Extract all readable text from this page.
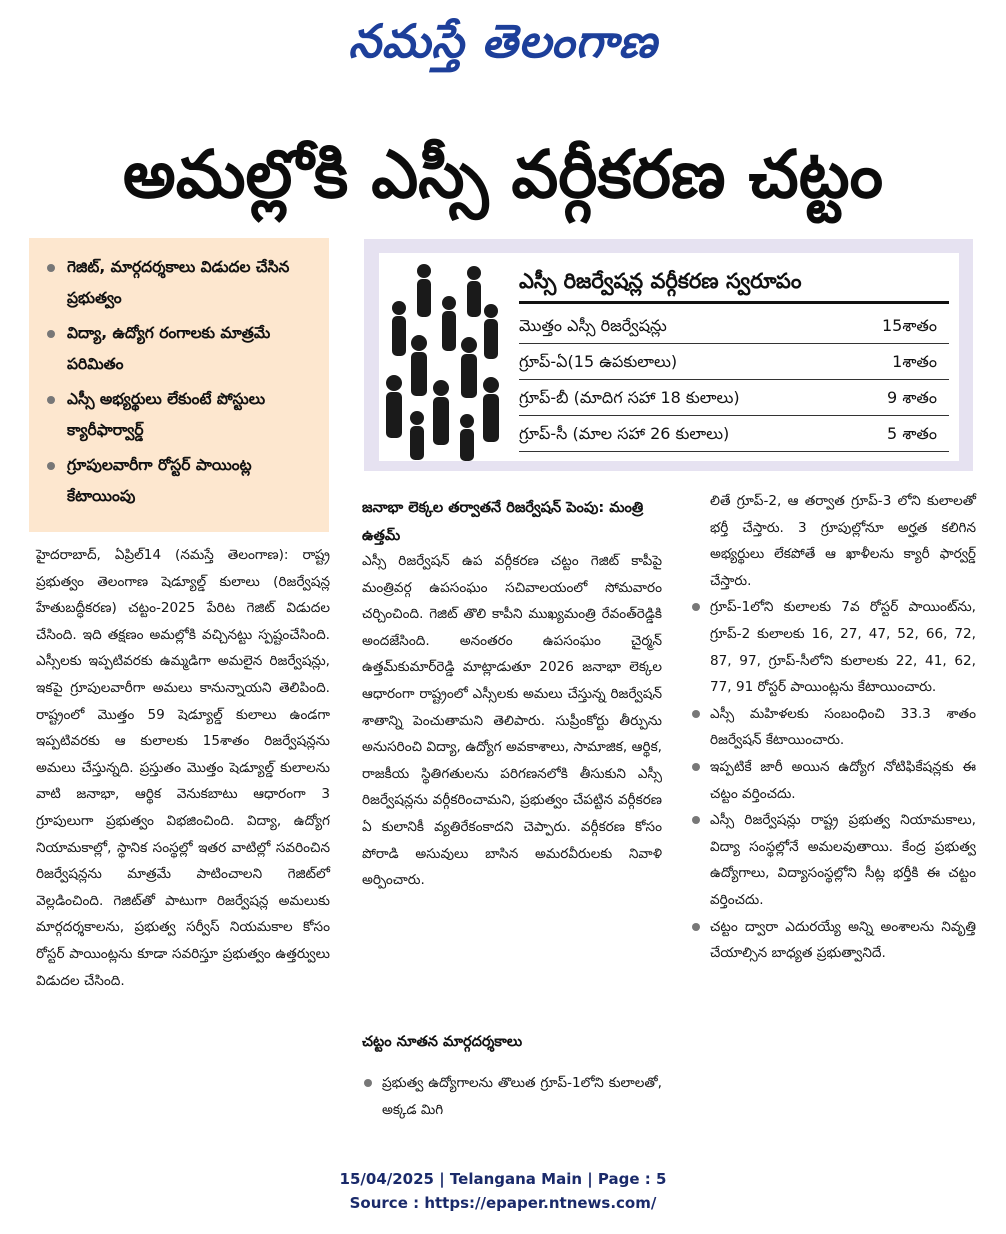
నమస్తే తెలంగాణ
అమల్లోకి ఎస్సీ వర్గీకరణ చట్టం
గెజిట్, మార్గదర్శకాలు విడుదల చేసిన ప్రభుత్వం
విద్యా, ఉద్యోగ రంగాలకు మాత్రమే పరిమితం
ఎస్సీ అభ్యర్థులు లేకుంటే పోస్టులు క్యారీఫార్వార్డ్
గ్రూపులవారీగా రోస్టర్ పాయింట్ల కేటాయింపు
ఎస్సీ రిజర్వేషన్ల వర్గీకరణ స్వరూపం
మొత్తం ఎస్సీ రిజర్వేషన్లు	15శాతం
గ్రూప్-ఏ(15 ఉపకులాలు)	1శాతం
గ్రూప్-బీ (మాదిగ సహా 18 కులాలు)	9 శాతం
గ్రూప్-సీ (మాల సహా 26 కులాలు)	5 శాతం

హైదరాబాద్, ఏప్రిల్14 (నమస్తే తెలంగాణ): రాష్ట్ర ప్రభుత్వం తెలంగాణ షెడ్యూల్డ్ కులాలు (రిజర్వేషన్ల హేతుబద్ధీకరణ) చట్టం-2025 పేరిట గెజిట్ విడుదల చేసింది. ఇది తక్షణం అమల్లోకి వచ్చినట్టు స్పష్టంచేసింది. ఎస్సీలకు ఇప్పటివరకు ఉమ్మడిగా అమలైన రిజర్వేషన్లు, ఇకపై గ్రూపులవారీగా అమలు కానున్నాయని తెలిపింది. రాష్ట్రంలో మొత్తం 59 షెడ్యూల్డ్ కులాలు ఉండగా ఇప్పటివరకు ఆ కులాలకు 15శాతం రిజర్వేషన్లను అమలు చేస్తున్నది. ప్రస్తుతం మొత్తం షెడ్యూల్డ్ కులాలను వాటి జనాభా, ఆర్థిక వెనుకబాటు ఆధారంగా 3 గ్రూపులుగా ప్రభుత్వం విభజించింది. విద్యా, ఉద్యోగ నియామకాల్లో, స్థానిక సంస్థల్లో ఇతర వాటిల్లో సవరించిన రిజర్వేషన్లను మాత్రమే పాటించాలని గెజిట్‌లో వెల్లడించింది. గెజిట్‌తో పాటుగా రిజర్వేషన్ల అమలుకు మార్గదర్శకాలను, ప్రభుత్వ సర్వీస్ నియమకాల కోసం రోస్టర్ పాయింట్లను కూడా సవరిస్తూ ప్రభుత్వం ఉత్తర్వులు విడుదల చేసింది.

జనాభా లెక్కల తర్వాతనే రిజర్వేషన్ పెంపు: మంత్రి ఉత్తమ్

ఎస్సీ రిజర్వేషన్ ఉప వర్గీకరణ చట్టం గెజిట్ కాపీపై మంత్రివర్గ ఉపసంఘం సచివాలయంలో సోమవారం చర్చించింది. గెజిట్ తొలి కాపీని ముఖ్యమంత్రి రేవంత్‌రెడ్డికి అందజేసింది. అనంతరం ఉపసంఘం చైర్మన్ ఉత్తమ్‌కుమార్‌రెడ్డి మాట్లాడుతూ 2026 జనాభా లెక్కల ఆధారంగా రాష్ట్రంలో ఎస్సీలకు అమలు చేస్తున్న రిజర్వేషన్ శాతాన్ని పెంచుతామని తెలిపారు. సుప్రీంకోర్టు తీర్పును అనుసరించి విద్యా, ఉద్యోగ అవకాశాలు, సామాజిక, ఆర్థిక, రాజకీయ స్థితిగతులను పరిగణనలోకి తీసుకుని ఎస్సీ రిజర్వేషన్లను వర్గీకరించామని, ప్రభుత్వం చేపట్టిన వర్గీకరణ ఏ కులానికీ వ్యతిరేకంకాదని చెప్పారు. వర్గీకరణ కోసం పోరాడి అసువులు బాసిన అమరవీరులకు నివాళి అర్పించారు.

చట్టం నూతన మార్గదర్శకాలు
ప్రభుత్వ ఉద్యోగాలను తొలుత గ్రూప్-1లోని కులాలతో, అక్కడ మిగి
లితే గ్రూప్-2, ఆ తర్వాత గ్రూప్-3 లోని కులాలతో భర్తీ చేస్తారు. 3 గ్రూపుల్లోనూ అర్హత కలిగిన అభ్యర్థులు లేకపోతే ఆ ఖాళీలను క్యారీ ఫార్వర్డ్ చేస్తారు.
గ్రూప్-1లోని కులాలకు 7వ రోస్టర్ పాయింట్‌ను, గ్రూప్-2 కులాలకు 16, 27, 47, 52, 66, 72, 87, 97, గ్రూప్-సీలోని కులాలకు 22, 41, 62, 77, 91 రోస్టర్ పాయింట్లను కేటాయించారు.
ఎస్సీ మహిళలకు సంబంధించి 33.3 శాతం రిజర్వేషన్ కేటాయించారు.
ఇప్పటికే జారీ అయిన ఉద్యోగ నోటిఫికేషన్లకు ఈ చట్టం వర్తించదు.
ఎస్సీ రిజర్వేషన్లు రాష్ట్ర ప్రభుత్వ నియామకాలు, విద్యా సంస్థల్లోనే అమలవుతాయి. కేంద్ర ప్రభుత్వ ఉద్యోగాలు, విద్యాసంస్థల్లోని సీట్ల భర్తీకి ఈ చట్టం వర్తించదు.
చట్టం ద్వారా ఎదురయ్యే అన్ని అంశాలను నివృత్తి చేయాల్సిన బాధ్యత ప్రభుత్వానిదే.
15/04/2025 | Telangana Main | Page : 5
Source : https://epaper.ntnews.com/
